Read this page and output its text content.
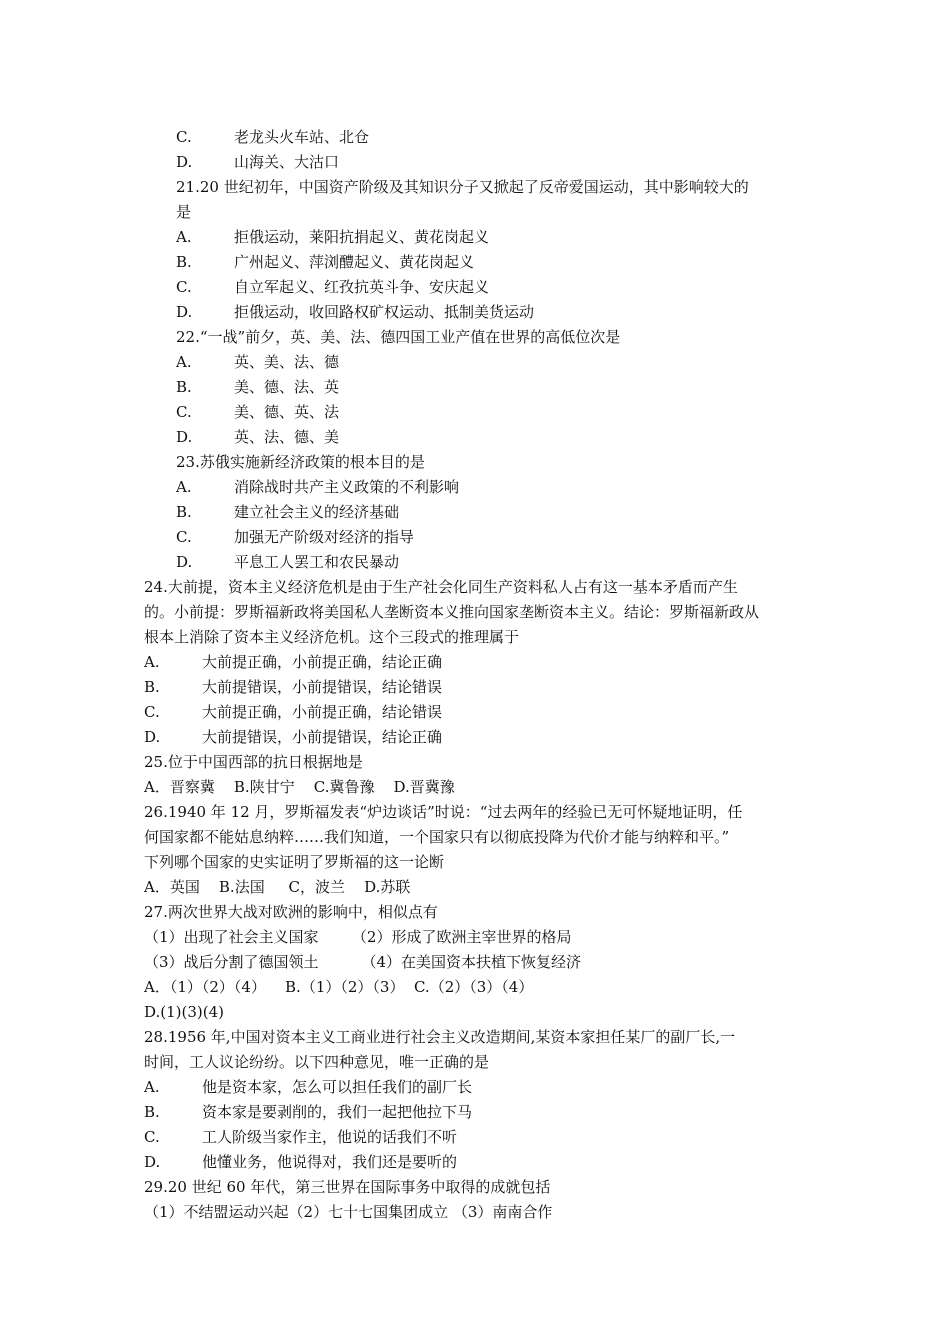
C.	老龙头火车站、北仓
D.	山海关、大沽口
21.20 世纪初年，中国资产阶级及其知识分子又掀起了反帝爱国运动，其中影响较大的
是
A.	拒俄运动，莱阳抗捐起义、黄花岗起义
B.	广州起义、萍浏醴起义、黄花岗起义
C.	自立军起义、红孜抗英斗争、安庆起义
D.	拒俄运动，收回路权矿权运动、抵制美货运动
22.“一战”前夕，英、美、法、德四国工业产值在世界的高低位次是
A.	英、美、法、德
B.	美、德、法、英
C.	美、德、英、法
D.	英、法、德、美
23.苏俄实施新经济政策的根本目的是
A.	消除战时共产主义政策的不利影响
B.	建立社会主义的经济基础
C.	加强无产阶级对经济的指导
D.	平息工人罢工和农民暴动
24.大前提，资本主义经济危机是由于生产社会化同生产资料私人占有这一基本矛盾而产生
的。小前提：罗斯福新政将美国私人垄断资本义推向国家垄断资本主义。结论：罗斯福新政从
根本上消除了资本主义经济危机。这个三段式的推理属于
A.	大前提正确，小前提正确，结论正确
B.	大前提错误，小前提错误，结论错误
C.	大前提正确，小前提正确，结论错误
D.	大前提错误，小前提错误，结论正确
25.位于中国西部的抗日根据地是
A．晋察冀    B.陕甘宁    C.冀鲁豫    D.晋冀豫
26.1940 年 12 月，罗斯福发表“炉边谈话”时说：“过去两年的经验已无可怀疑地证明，任
何国家都不能姑息纳粹……我们知道，一个国家只有以彻底投降为代价才能与纳粹和平。”
下列哪个国家的史实证明了罗斯福的这一论断
A．英国    B.法国     C，波兰    D.苏联
27.两次世界大战对欧洲的影响中，相似点有
（1）出现了社会主义国家       （2）形成了欧洲主宰世界的格局
（3）战后分割了德国领土         （4）在美国资本扶植下恢复经济
A．（1）（2）（4）    B.（1）（2）（3）  C.（2）（3）（4）
D.(1)(3)(4)
28.1956 年,中国对资本主义工商业进行社会主义改造期间,某资本家担任某厂的副厂长,一
时间，工人议论纷纷。以下四种意见，唯一正确的是
A.	他是资本家，怎么可以担任我们的副厂长
B.	资本家是要剥削的，我们一起把他拉下马
C.	工人阶级当家作主，他说的话我们不听
D.	他懂业务，他说得对，我们还是要听的
29.20 世纪 60 年代，第三世界在国际事务中取得的成就包括
（1）不结盟运动兴起（2）七十七国集团成立 （3）南南合作
